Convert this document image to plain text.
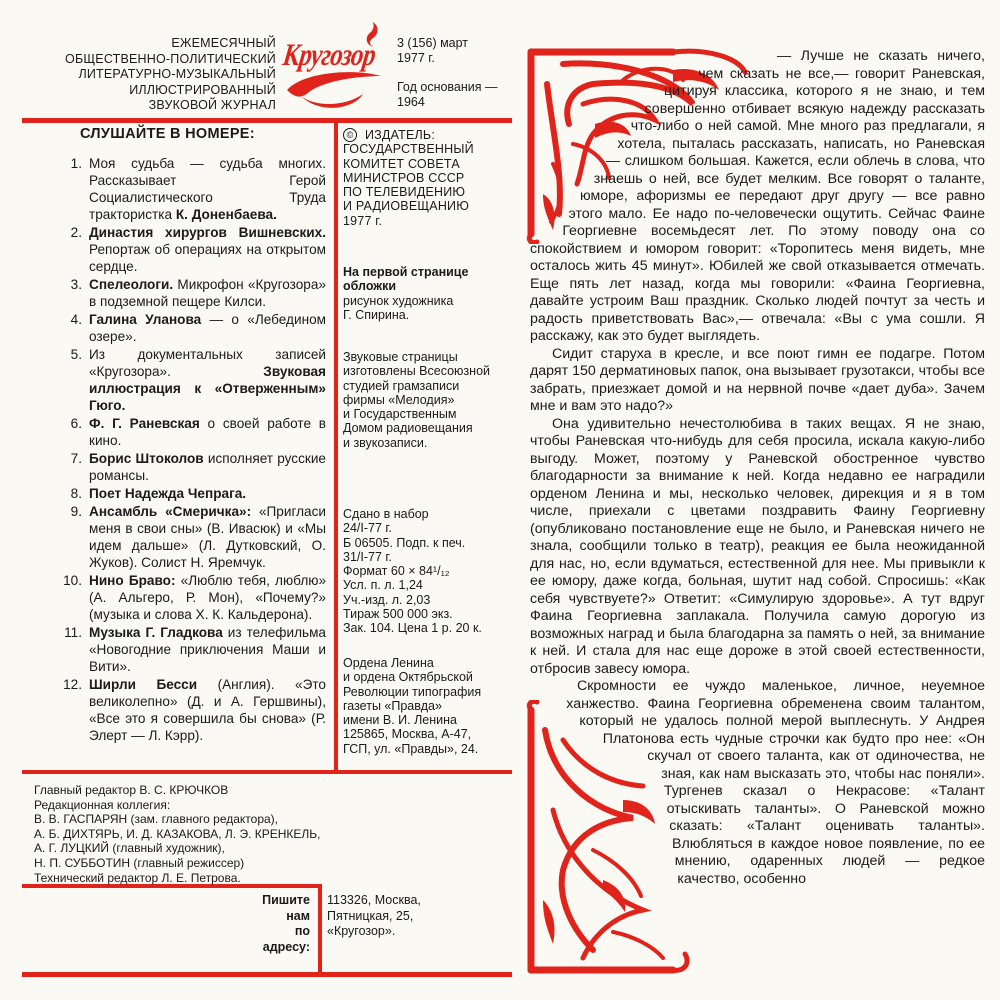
ЕЖЕМЕСЯЧНЫЙ
ОБЩЕСТВЕННО-ПОЛИТИЧЕСКИЙ
ЛИТЕРАТУРНО-МУЗЫКАЛЬНЫЙ
ИЛЛЮСТРИРОВАННЫЙ
ЗВУКОВОЙ ЖУРНАЛ
Кругозор	3 (156) март
1977 г.
Год основания —
1964
СЛУШАЙТЕ В НОМЕРЕ:
1. Моя судьба — судьба многих. Рассказывает Герой Социалистического Труда трактористка К. Доненбаева.
2. Династия хирургов Вишневских. Репортаж об операциях на открытом сердце.
3. Спелеологи. Микрофон «Кругозора» в подземной пещере Килси.
4. Галина Уланова — о «Лебедином озере».
5. Из документальных записей «Кругозора». Звуковая иллюстрация к «Отверженным» Гюго.
6. Ф. Г. Раневская о своей работе в кино.
7. Борис Штоколов исполняет русские романсы.
8. Поет Надежда Чепрага.
9. Ансамбль «Смеричка»: «Пригласи меня в свои сны» (В. Ивасюк) и «Мы идем дальше» (Л. Дутковский, О. Жуков). Солист Н. Яремчук.
10. Нино Браво: «Люблю тебя, люблю» (А. Альгеро, Р. Мон), «Почему?» (музыка и слова Х. К. Кальдерона).
11. Музыка Г. Гладкова из телефильма «Новогодние приключения Маши и Вити».
12. Ширли Бесси (Англия). «Это великолепно» (Д. и А. Гершвины), «Все это я совершила бы снова» (Р. Элерт — Л. Кэрр).
© ИЗДАТЕЛЬ:
ГОСУДАРСТВЕННЫЙ
КОМИТЕТ СОВЕТА
МИНИСТРОВ СССР
ПО ТЕЛЕВИДЕНИЮ
И РАДИОВЕЩАНИЮ
1977 г.
На первой странице
обложки
рисунок художника
Г. Спирина.
Звуковые страницы
изготовлены Всесоюзной
студией грамзаписи
фирмы «Мелодия»
и Государственным
Домом радиовещания
и звукозаписи.
Сдано в набор
24/I-77 г.
Б 06505. Подп. к печ.
31/I-77 г.
Формат 60 × 84¹/₁₂
Усл. п. л. 1,24
Уч.-изд. л. 2,03
Тираж 500 000 экз.
Зак. 104. Цена 1 р. 20 к.
Ордена Ленина
и ордена Октябрьской
Революции типография
газеты «Правда»
имени В. И. Ленина
125865, Москва, А-47,
ГСП, ул. «Правды», 24.
Главный редактор В. С. КРЮЧКОВ
Редакционная коллегия:
В. В. ГАСПАРЯН (зам. главного редактора),
А. Б. ДИХТЯРЬ, И. Д. КАЗАКОВА, Л. Э. КРЕНКЕЛЬ,
А. Г. ЛУЦКИЙ (главный художник),
Н. П. СУББОТИН (главный режиссер)
Технический редактор Л. Е. Петрова.
Пишите
нам
по адресу:
113326, Москва,
Пятницкая, 25,
«Кругозор».

— Лучше не сказать ничего, чем сказать не все,— говорит Раневская, цитируя классика, которого я не знаю, и тем совершенно отбивает всякую надежду рассказать что-либо о ней самой. Мне много раз предлагали, я хотела, пыталась рассказать, написать, но Раневская — слишком большая. Кажется, если облечь в слова, что знаешь о ней, все будет мелким. Все говорят о таланте, юморе, афоризмы ее передают друг другу — все равно этого мало. Ее надо по-человечески ощутить. Сейчас Фаине Георгиевне восемьдесят лет. По этому поводу она со спокойствием и юмором говорит: «Торопитесь меня видеть, мне осталось жить 45 минут». Юбилей же свой отказывается отмечать. Еще пять лет назад, когда мы говорили: «Фаина Георгиевна, давайте устроим Ваш праздник. Сколько людей почтут за честь и радость приветствовать Вас»,— отвечала: «Вы с ума сошли. Я расскажу, как это будет выглядеть.

Сидит старуха в кресле, и все поют гимн ее подагре. Потом дарят 150 дерматиновых папок, она вызывает грузотакси, чтобы все забрать, приезжает домой и на нервной почве «дает дуба». Зачем мне и вам это надо?»

Она удивительно нечестолюбива в таких вещах. Я не знаю, чтобы Раневская что-нибудь для себя просила, искала какую-либо выгоду. Может, поэтому у Раневской обостренное чувство благодарности за внимание к ней. Когда недавно ее наградили орденом Ленина и мы, несколько человек, дирекция и я в том числе, приехали с цветами поздравить Фаину Георгиевну (опубликовано постановление еще не было, и Раневская ничего не знала, сообщили только в театр), реакция ее была неожиданной для нас, но, если вдуматься, естественной для нее. Мы привыкли к ее юмору, даже когда, больная, шутит над собой. Спросишь: «Как себя чувствуете?» Ответит: «Симулирую здоровье». А тут вдруг Фаина Георгиевна заплакала. Получила самую дорогую из возможных наград и была благодарна за память о ней, за внимание к ней. И стала для нас еще дороже в этой своей естественности, отбросив завесу юмора.

Скромности ее чуждо маленькое, личное, неуемное ханжество. Фаина Георгиевна обременена своим талантом, который не удалось полной мерой выплеснуть. У Андрея Платонова есть чудные строчки как будто про нее: «Он скучал от своего таланта, как от одиночества, не зная, как нам высказать это, чтобы нас поняли». Тургенев сказал о Некрасове: «Талант отыскивать таланты». О Раневской можно сказать: «Талант оценивать таланты». Влюбляться в каждое новое появление, по ее мнению, одаренных людей — редкое качество, особенно
